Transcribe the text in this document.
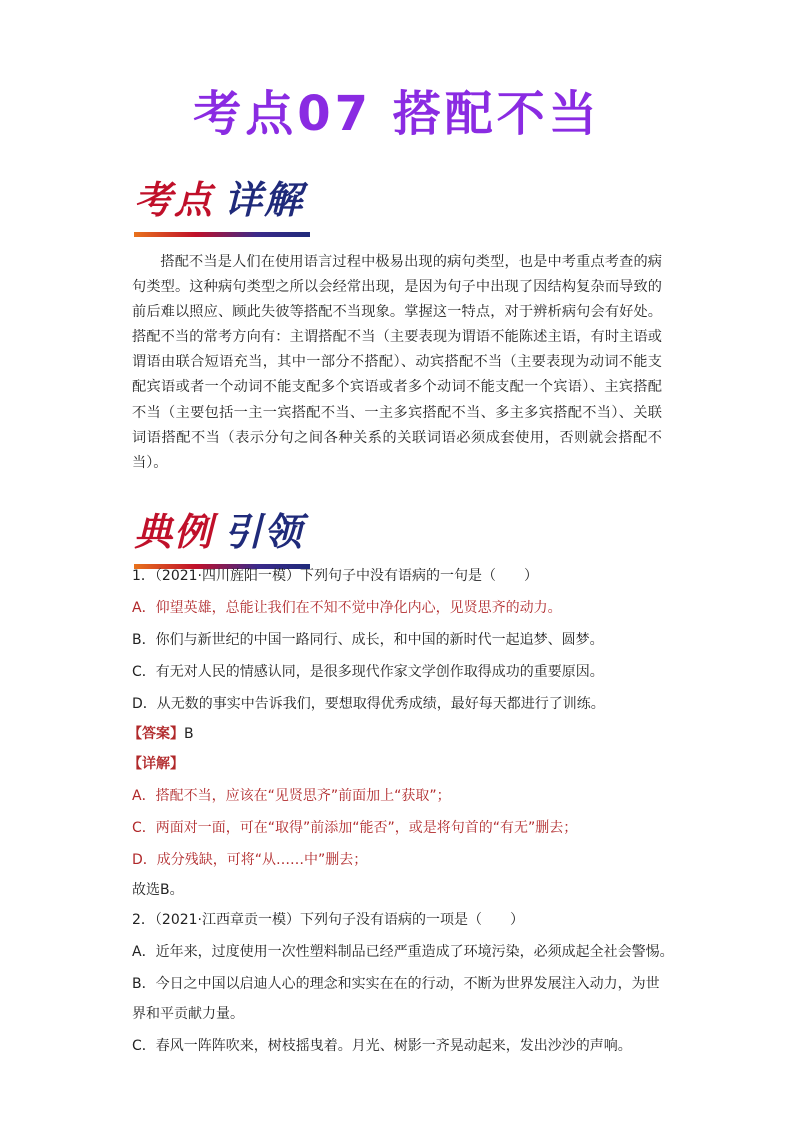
考点07 搭配不当
考点 详解

搭配不当是人们在使用语言过程中极易出现的病句类型，也是中考重点考查的病句类型。这种病句类型之所以会经常出现，是因为句子中出现了因结构复杂而导致的前后难以照应、顾此失彼等搭配不当现象。掌握这一特点，对于辨析病句会有好处。搭配不当的常考方向有：主谓搭配不当（主要表现为谓语不能陈述主语，有时主语或谓语由联合短语充当，其中一部分不搭配）、动宾搭配不当（主要表现为动词不能支配宾语或者一个动词不能支配多个宾语或者多个动词不能支配一个宾语）、主宾搭配不当（主要包括一主一宾搭配不当、一主多宾搭配不当、多主多宾搭配不当）、关联词语搭配不当（表示分句之间各种关系的关联词语必须成套使用，否则就会搭配不当）。

典例 引领

1．（2021·四川旌阳一模）下列句子中没有语病的一句是（　　）

A．仰望英雄，总能让我们在不知不觉中净化内心，见贤思齐的动力。

B．你们与新世纪的中国一路同行、成长，和中国的新时代一起追梦、圆梦。

C．有无对人民的情感认同，是很多现代作家文学创作取得成功的重要原因。

D．从无数的事实中告诉我们，要想取得优秀成绩，最好每天都进行了训练。

【答案】B

【详解】

A．搭配不当，应该在“见贤思齐”前面加上“获取”；

C．两面对一面，可在“取得”前添加“能否”，或是将句首的“有无”删去；

D．成分残缺，可将“从……中”删去；

故选B。

2．（2021·江西章贡一模）下列句子没有语病的一项是（　　）

A．近年来，过度使用一次性塑料制品已经严重造成了环境污染，必须成起全社会警惕。

B．今日之中国以启迪人心的理念和实实在在的行动，不断为世界发展注入动力，为世

界和平贡献力量。

C．春风一阵阵吹来，树枝摇曳着。月光、树影一齐晃动起来，发出沙沙的声响。
